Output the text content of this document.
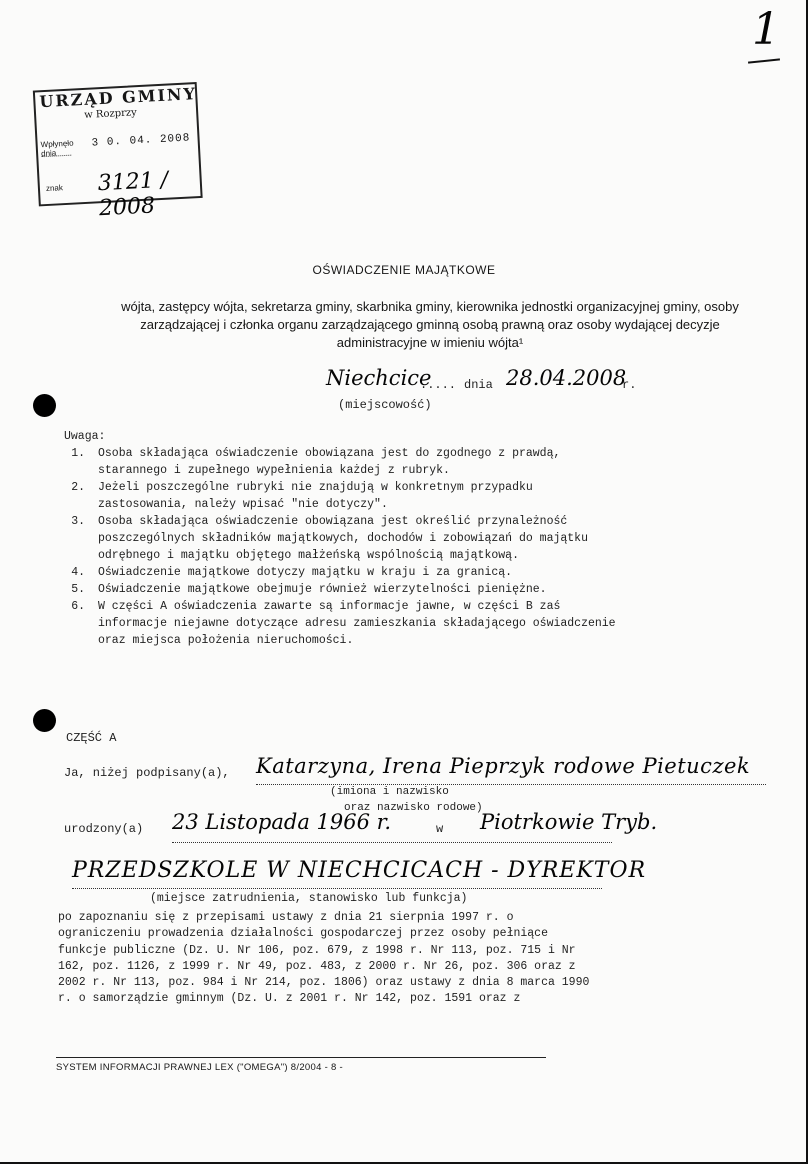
1
URZĄD GMINY
w Rozprzy
Wpłynęło dnia
3 0. 04. 2008
znak 3121 / 2008
OŚWIADCZENIE MAJĄTKOWE
wójta, zastępcy wójta, sekretarza gminy, skarbnika gminy, kierownika jednostki organizacyjnej gminy, osoby zarządzającej i członka organu zarządzającego gminną osobą prawną oraz osoby wydającej decyzje administracyjne w imieniu wójta¹
Niechcice
..... dnia 28.04.2008
r.
(miejscowość)
Uwaga:
1. Osoba składająca oświadczenie obowiązana jest do zgodnego z prawdą, starannego i zupełnego wypełnienia każdej z rubryk.
2. Jeżeli poszczególne rubryki nie znajdują w konkretnym przypadku zastosowania, należy wpisać "nie dotyczy".
3. Osoba składająca oświadczenie obowiązana jest określić przynależność poszczególnych składników majątkowych, dochodów i zobowiązań do majątku odrębnego i majątku objętego małżeńską wspólnością majątkową.
4. Oświadczenie majątkowe dotyczy majątku w kraju i za granicą.
5. Oświadczenie majątkowe obejmuje również wierzytelności pieniężne.
6. W części A oświadczenia zawarte są informacje jawne, w części B zaś informacje niejawne dotyczące adresu zamieszkania składającego oświadczenie oraz miejsca położenia nieruchomości.
CZĘŚĆ A
Ja, niżej podpisany(a), Katarzyna, Irena Pieprzyk rodowe Pietuczek
(imiona i nazwisko
oraz nazwisko rodowe)
urodzony(a) 23 Listopada 1966 r.	w Piotrkowie Tryb.
PRZEDSZKOLE W NIECHCICACH - DYREKTOR
(miejsce zatrudnienia, stanowisko lub funkcja)
po zapoznaniu się z przepisami ustawy z dnia 21 sierpnia 1997 r. o ograniczeniu prowadzenia działalności gospodarczej przez osoby pełniące funkcje publiczne (Dz. U. Nr 106, poz. 679, z 1998 r. Nr 113, poz. 715 i Nr 162, poz. 1126, z 1999 r. Nr 49, poz. 483, z 2000 r. Nr 26, poz. 306 oraz z 2002 r. Nr 113, poz. 984 i Nr 214, poz. 1806) oraz ustawy z dnia 8 marca 1990 r. o samorządzie gminnym (Dz. U. z 2001 r. Nr 142, poz. 1591 oraz z
SYSTEM INFORMACJI PRAWNEJ LEX ("OMEGA") 8/2004 - 8 -
